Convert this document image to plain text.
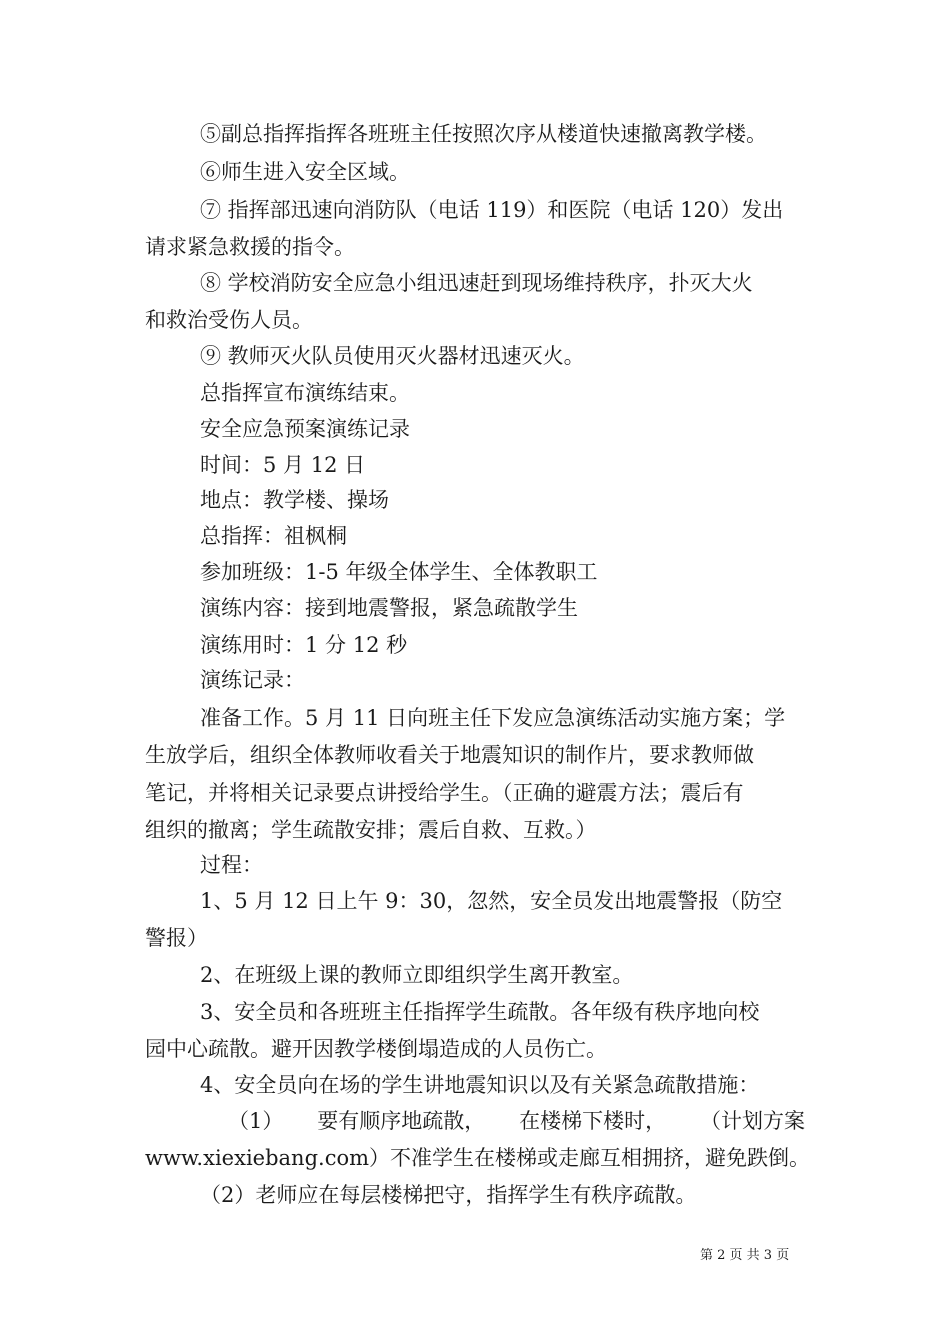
⑤副总指挥指挥各班班主任按照次序从楼道快速撤离教学楼。
⑥师生进入安全区域。
⑦ 指挥部迅速向消防队（电话 119）和医院（电话 120）发出
请求紧急救援的指令。
⑧ 学校消防安全应急小组迅速赶到现场维持秩序，扑灭大火
和救治受伤人员。
⑨ 教师灭火队员使用灭火器材迅速灭火。
总指挥宣布演练结束。
安全应急预案演练记录
时间：5 月 12 日
地点：教学楼、操场
总指挥：祖枫桐
参加班级：1-5 年级全体学生、全体教职工
演练内容：接到地震警报，紧急疏散学生
演练用时：1 分 12 秒
演练记录：
准备工作。5 月 11 日向班主任下发应急演练活动实施方案；学
生放学后，组织全体教师收看关于地震知识的制作片，要求教师做
笔记，并将相关记录要点讲授给学生。（正确的避震方法；震后有
组织的撤离；学生疏散安排；震后自救、互救。）
过程：
1、5 月 12 日上午 9：30，忽然，安全员发出地震警报（防空
警报）
2、在班级上课的教师立即组织学生离开教室。
3、安全员和各班班主任指挥学生疏散。各年级有秩序地向校
园中心疏散。避开因教学楼倒塌造成的人员伤亡。
4、安全员向在场的学生讲地震知识以及有关紧急疏散措施：
（1） 要有顺序地疏散， 在楼梯下楼时， （计划方案
www.xiexiebang.com）不准学生在楼梯或走廊互相拥挤，避免跌倒。
（2）老师应在每层楼梯把守，指挥学生有秩序疏散。
第 2 页 共 3 页
